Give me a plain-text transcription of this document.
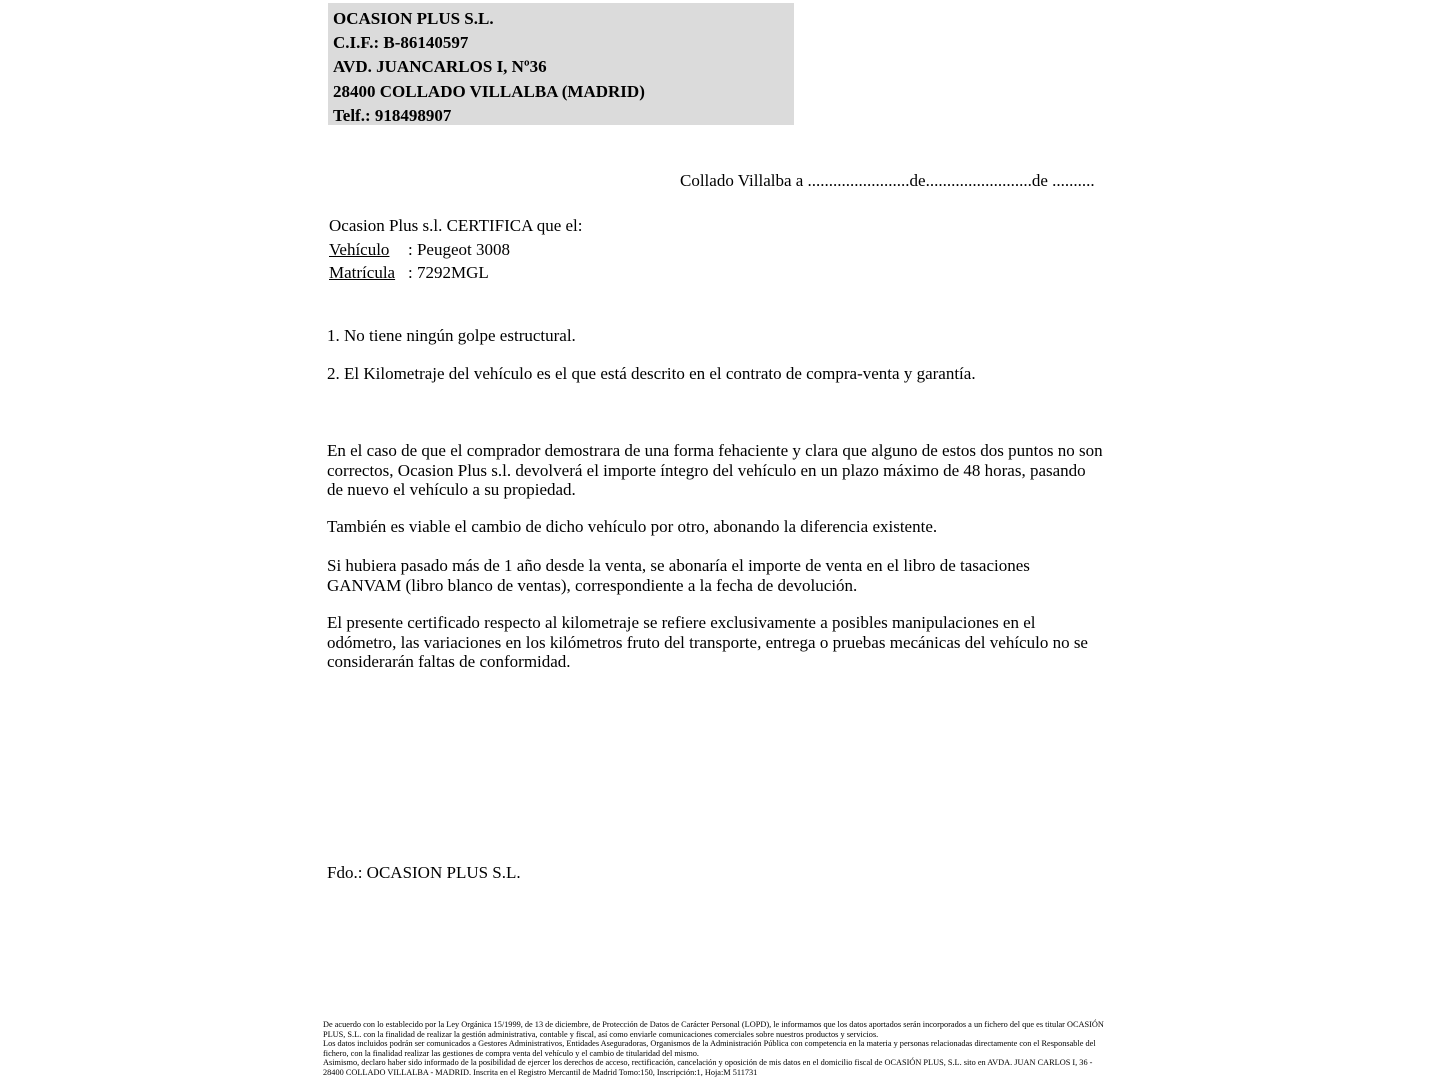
OCASION PLUS S.L.
C.I.F.: B-86140597
AVD. JUANCARLOS I, Nº36
28400 COLLADO VILLALBA (MADRID)
Telf.: 918498907
Collado Villalba a ........................de.........................de ..........
Ocasion Plus s.l. CERTIFICA que el:
Vehículo : Peugeot 3008
Matrícula : 7292MGL
1. No tiene ningún golpe estructural.
2. El Kilometraje del vehículo es el que está descrito en el contrato de compra-venta y garantía.
En el caso de que el comprador demostrara de una forma fehaciente y clara que alguno de estos dos puntos no son correctos, Ocasion Plus s.l. devolverá el importe íntegro del vehículo en un plazo máximo de 48 horas, pasando de nuevo el vehículo a su propiedad.
También es viable el cambio de dicho vehículo por otro, abonando la diferencia existente.
Si hubiera pasado más de 1 año desde la venta, se abonaría el importe de venta en el libro de tasaciones GANVAM (libro blanco de ventas), correspondiente a la fecha de devolución.
El presente certificado respecto al kilometraje se refiere exclusivamente a posibles manipulaciones en el odómetro, las variaciones en los kilómetros fruto del transporte, entrega o pruebas mecánicas del vehículo no se considerarán faltas de conformidad.
Fdo.: OCASION PLUS S.L.

De acuerdo con lo establecido por la Ley Orgánica 15/1999, de 13 de diciembre, de Protección de Datos de Carácter Personal (LOPD), le informamos que los datos aportados serán incorporados a un fichero del que es titular OCASIÓN PLUS, S.L. con la finalidad de realizar la gestión administrativa, contable y fiscal, así como enviarle comunicaciones comerciales sobre nuestros productos y servicios.

Los datos incluidos podrán ser comunicados a Gestores Administrativos, Entidades Aseguradoras, Organismos de la Administración Pública con competencia en la materia y personas relacionadas directamente con el Responsable del fichero, con la finalidad realizar las gestiones de compra venta del vehículo y el cambio de titularidad del mismo.

Asimismo, declaro haber sido informado de la posibilidad de ejercer los derechos de acceso, rectificación, cancelación y oposición de mis datos en el domicilio fiscal de OCASIÓN PLUS, S.L. sito en AVDA. JUAN CARLOS I, 36 - 28400 COLLADO VILLALBA - MADRID. Inscrita en el Registro Mercantil de Madrid Tomo:150, Inscripción:1, Hoja:M 511731
